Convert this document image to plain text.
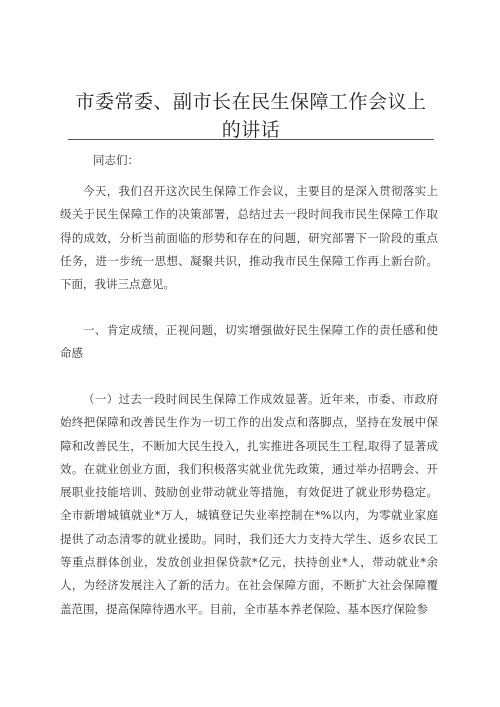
市委常委、副市长在民生保障工作会议上的讲话
同志们：

今天，我们召开这次民生保障工作会议，主要目的是深入贯彻落实上级关于民生保障工作的决策部署，总结过去一段时间我市民生保障工作取得的成效，分析当前面临的形势和存在的问题，研究部署下一阶段的重点任务，进一步统一思想、凝聚共识，推动我市民生保障工作再上新台阶。下面，我讲三点意见。

一、肯定成绩，正视问题，切实增强做好民生保障工作的责任感和使命感

（一）过去一段时间民生保障工作成效显著。近年来，市委、市政府始终把保障和改善民生作为一切工作的出发点和落脚点，坚持在发展中保障和改善民生，不断加大民生投入，扎实推进各项民生工程,取得了显著成效。在就业创业方面，我们积极落实就业优先政策，通过举办招聘会、开展职业技能培训、鼓励创业带动就业等措施，有效促进了就业形势稳定。全市新增城镇就业*万人，城镇登记失业率控制在*%以内，为零就业家庭提供了动态清零的就业援助。同时，我们还大力支持大学生、返乡农民工等重点群体创业，发放创业担保贷款*亿元，扶持创业*人，带动就业*余人，为经济发展注入了新的活力。在社会保障方面，不断扩大社会保障覆盖范围，提高保障待遇水平。目前，全市基本养老保险、基本医疗保险参
